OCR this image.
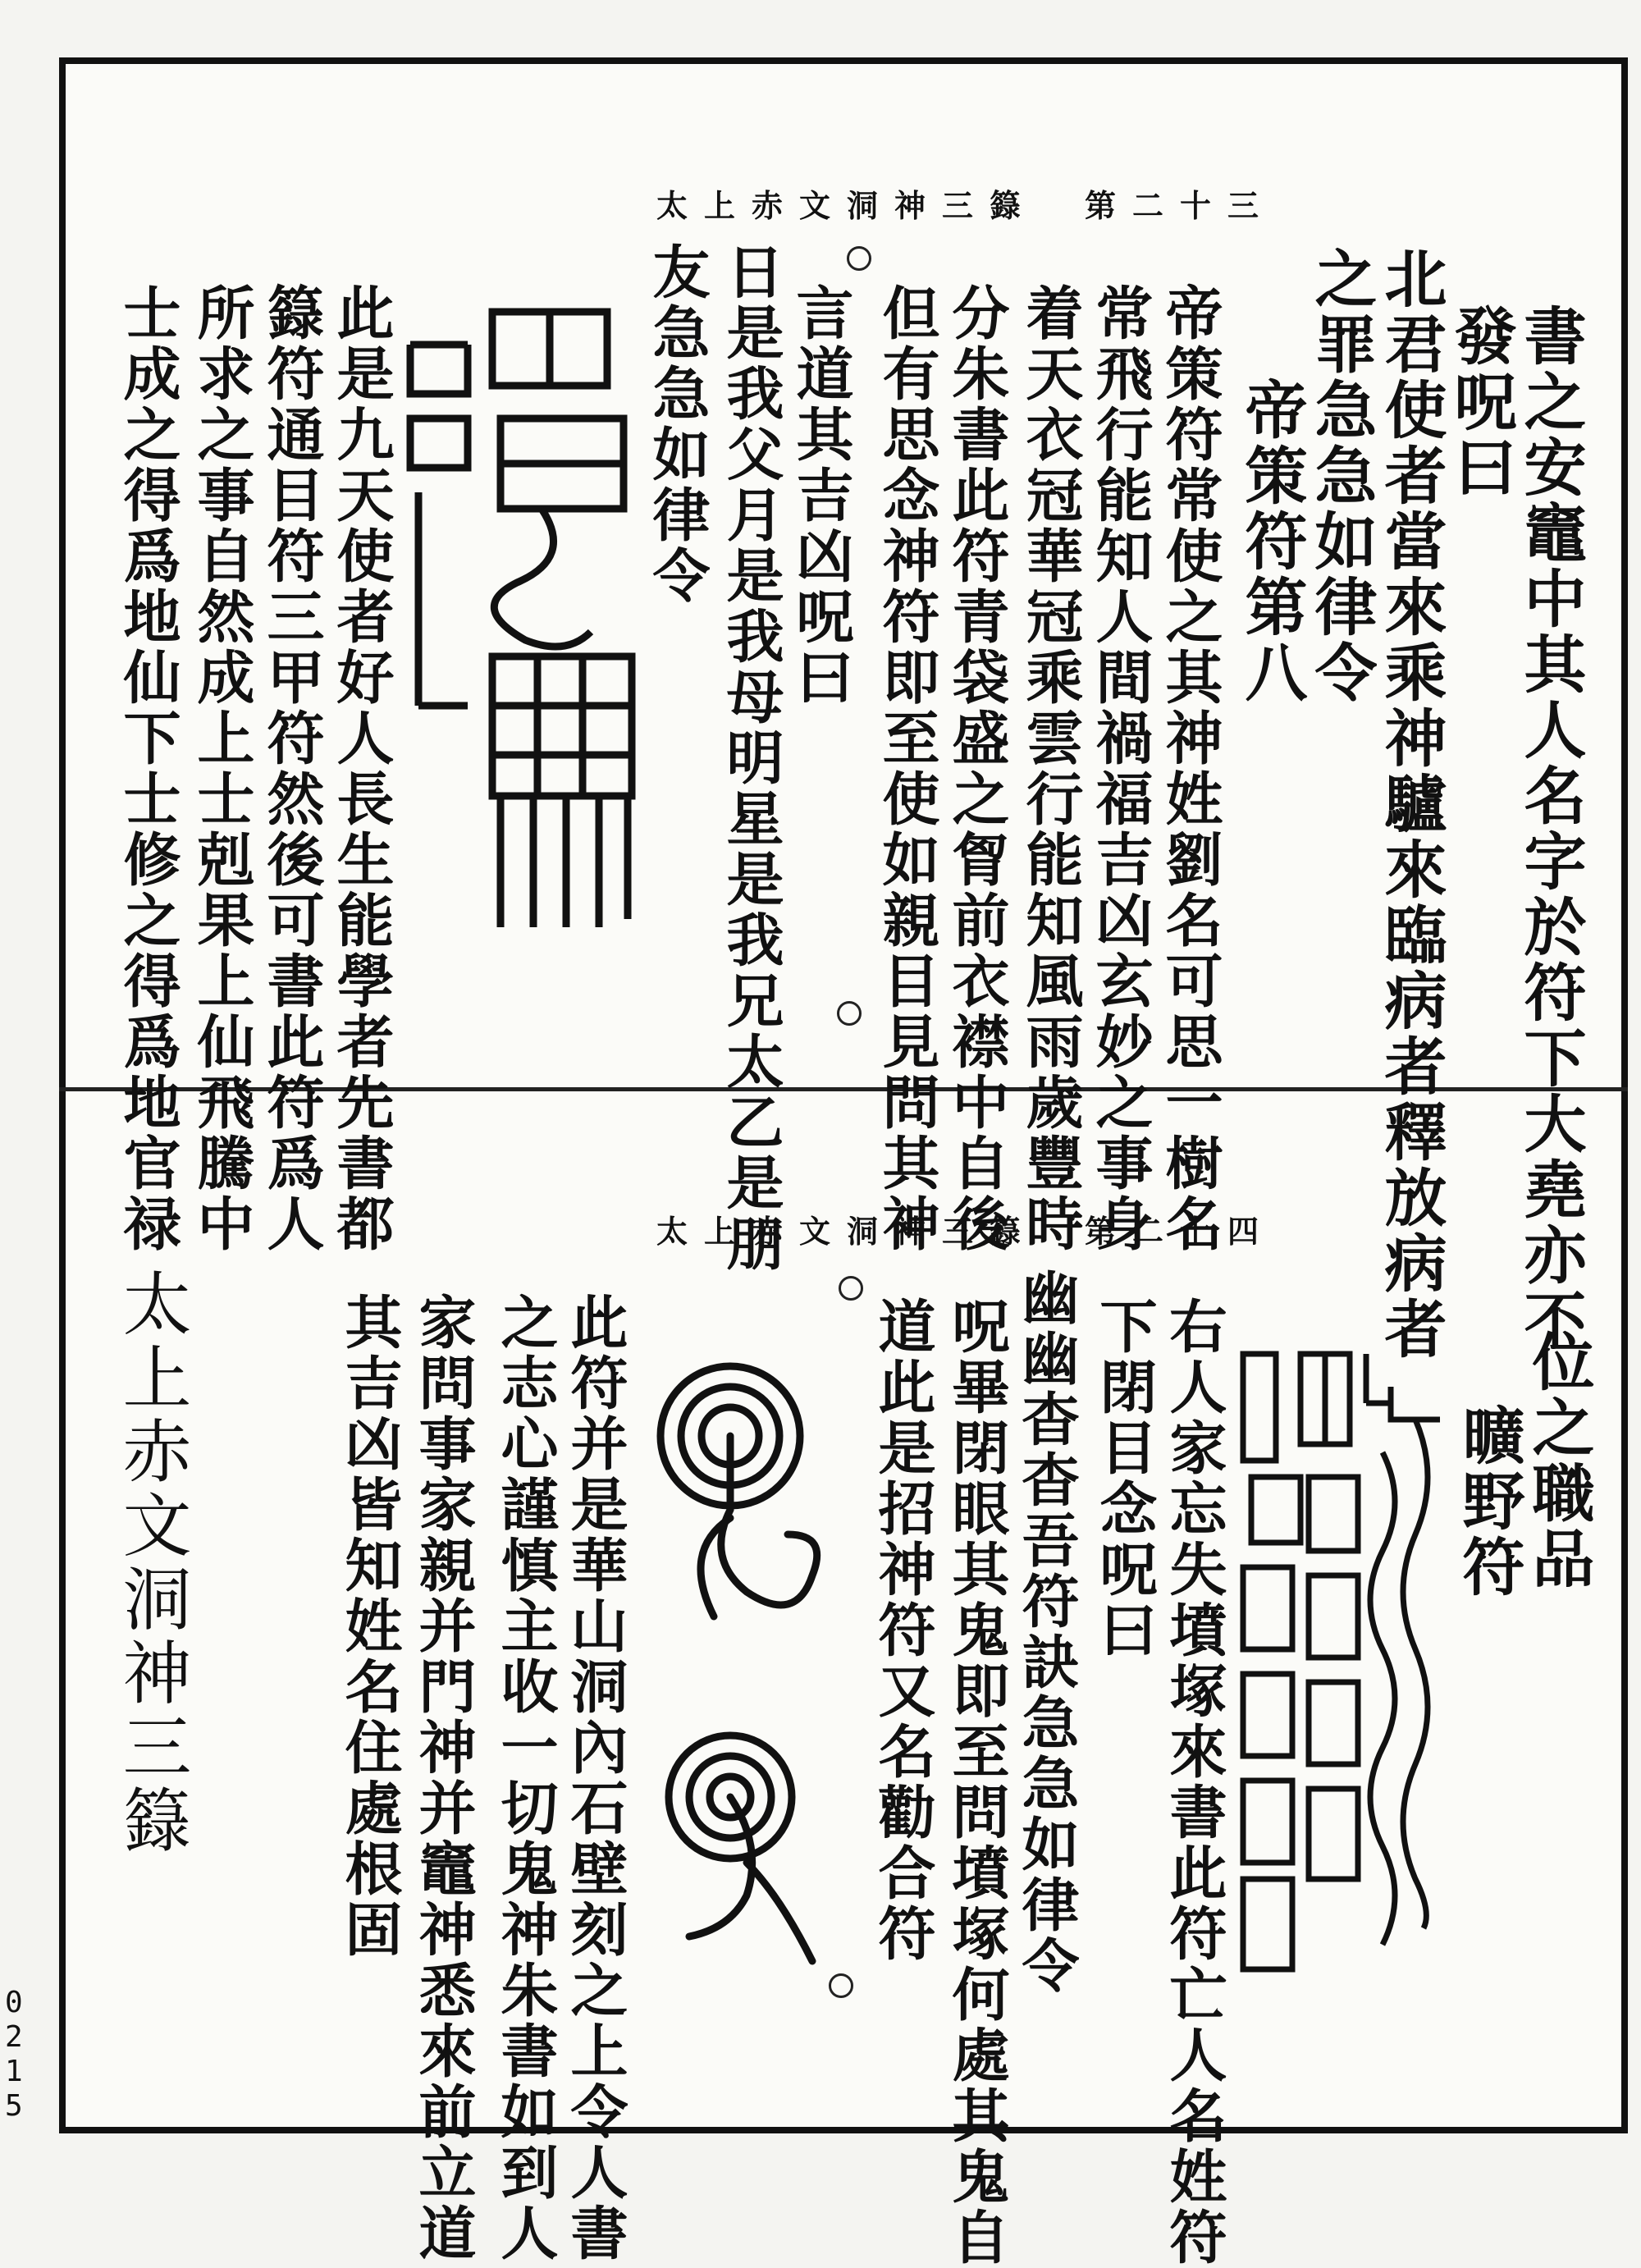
太上赤文洞神三籙　第二十三
書之安竈中其人名字於符下大堯亦不
發呪曰
北君使者當來乘神驢來臨病者釋放病者
之罪急急如律令
帝策符第八
帝策符常使之其神姓劉名可思一樹名
常飛行能知人間禍福吉凶玄妙之事身
着天衣冠華冠乘雲行能知風雨歲豐時
分朱書此符青袋盛之胷前衣襟中自後
但有思念神符即至使如親目見問其神
言道其吉凶呪曰
日是我父月是我母明星是我兄太乙是朋
友急急如律令
此是九天使者好人長生能學者先書都
籙符通目符三甲符然後可書此符爲人
所求之事自然成上士剋果上仙飛騰中
士成之得爲地仙下士修之得爲地官禄	太上赤文洞神三籙　第二十四
位之職品
曠野符
右人家忘失墳塚來書此符亡人名姓符
下閉目念呪曰
幽幽杳杳吾符訣急急如律令
呪畢閉眼其鬼即至問墳塚何處其鬼自
道此是招神符又名勸合符
此符并是華山洞內石壁刻之上令人書
之志心謹慎主收一切鬼神朱書如到人
家問事家親并門神并竈神悉來前立道
其吉凶皆知姓名住處根固
太上赤文洞神三籙
0215
